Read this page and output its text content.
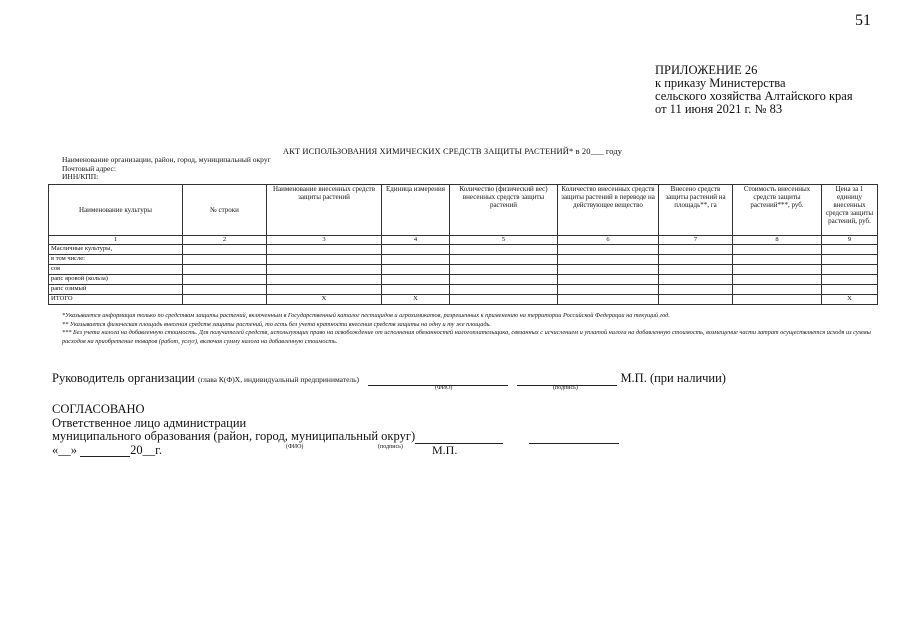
51
ПРИЛОЖЕНИЕ 26
к приказу Министерства
сельского хозяйства Алтайского края
от 11 июня 2021 г. № 83
АКТ ИСПОЛЬЗОВАНИЯ ХИМИЧЕСКИХ СРЕДСТВ ЗАЩИТЫ РАСТЕНИЙ* в 20___ году
Наименование организации, район, город, муниципальный округ
Почтовый адрес:
ИНН/КПП:
Наименование культуры	№ строки	Наименование внесенных средств защиты растений	Единица измерения	Количество (физический вес) внесенных средств защиты растений	Количество внесенных средств защиты растений в переводе на действующее вещество	Внесено средств защиты растений на площадь**, га	Стоимость внесенных средств защиты растений***, руб.	Цена за 1 единицу внесенных средств защиты растений, руб.
1	2	3	4	5	6	7	8	9
Масличные культуры,								
в том числе:								
соя								
рапс яровой (кольза)								
рапс озимый								
ИТОГО		X	X					X
*Указывается информация только по средствам защиты растений, включенным в Государственный каталог пестицидов и агрохимикатов, разрешенных к применению на территории Российской Федерации на текущий год.
** Указывается физическая площадь внесения средств защиты растений, то есть без учета кратности внесения средств защиты на одну и ту же площадь.
*** Без учета налога на добавленную стоимость. Для получателей средств, использующих право на освобождение от исполнения обязанностей налогоплательщика, связанных с исчислением и уплатой налога на добавленную стоимость, возмещение части затрат осуществляется исходя из суммы расходов на приобретение товаров (работ, услуг), включая сумму налога на добавленную стоимость.
Руководитель организации (глава К(Ф)Х, индивидуальный предприниматель)	М.П. (при наличии)
(ФИО)	(подпись)
СОГЛАСОВАНО
Ответственное лицо администрации
муниципального образования (район, город, муниципальный округ)
«__»	20__г.	(ФИО)	(подпись) М.П.
